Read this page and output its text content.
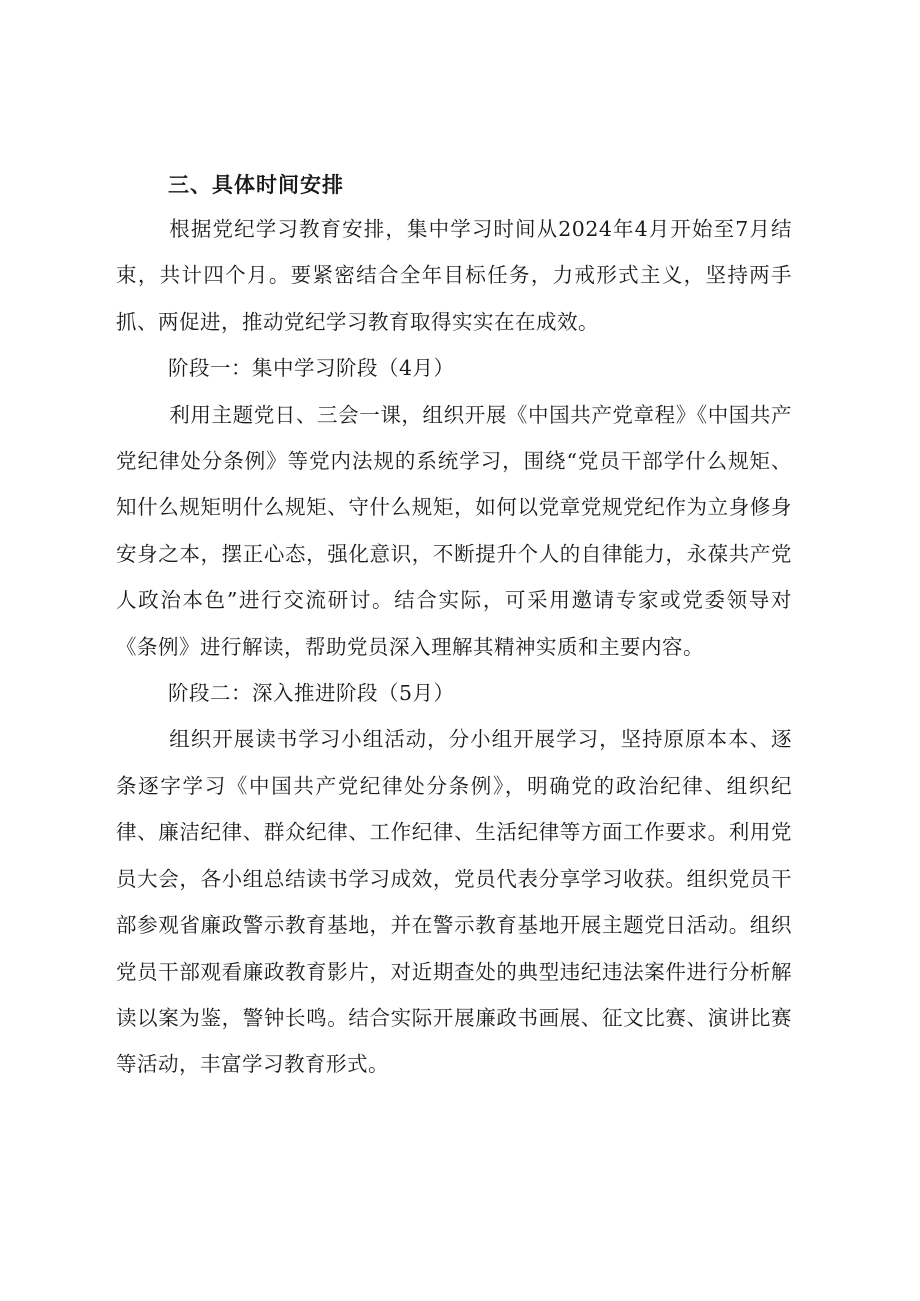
三、具体时间安排

根据党纪学习教育安排，集中学习时间从2024年4月开始至7月结束，共计四个月。要紧密结合全年目标任务，力戒形式主义，坚持两手抓、两促进，推动党纪学习教育取得实实在在成效。

阶段一：集中学习阶段（4月）

利用主题党日、三会一课，组织开展《中国共产党章程》《中国共产党纪律处分条例》等党内法规的系统学习，围绕“党员干部学什么规矩、知什么规矩明什么规矩、守什么规矩，如何以党章党规党纪作为立身修身安身之本，摆正心态，强化意识，不断提升个人的自律能力，永葆共产党人政治本色”进行交流研讨。结合实际，可采用邀请专家或党委领导对《条例》进行解读，帮助党员深入理解其精神实质和主要内容。

阶段二：深入推进阶段（5月）

组织开展读书学习小组活动，分小组开展学习，坚持原原本本、逐条逐字学习《中国共产党纪律处分条例》，明确党的政治纪律、组织纪律、廉洁纪律、群众纪律、工作纪律、生活纪律等方面工作要求。利用党员大会，各小组总结读书学习成效，党员代表分享学习收获。组织党员干部参观省廉政警示教育基地，并在警示教育基地开展主题党日活动。组织党员干部观看廉政教育影片，对近期查处的典型违纪违法案件进行分析解读以案为鉴，警钟长鸣。结合实际开展廉政书画展、征文比赛、演讲比赛等活动，丰富学习教育形式。
